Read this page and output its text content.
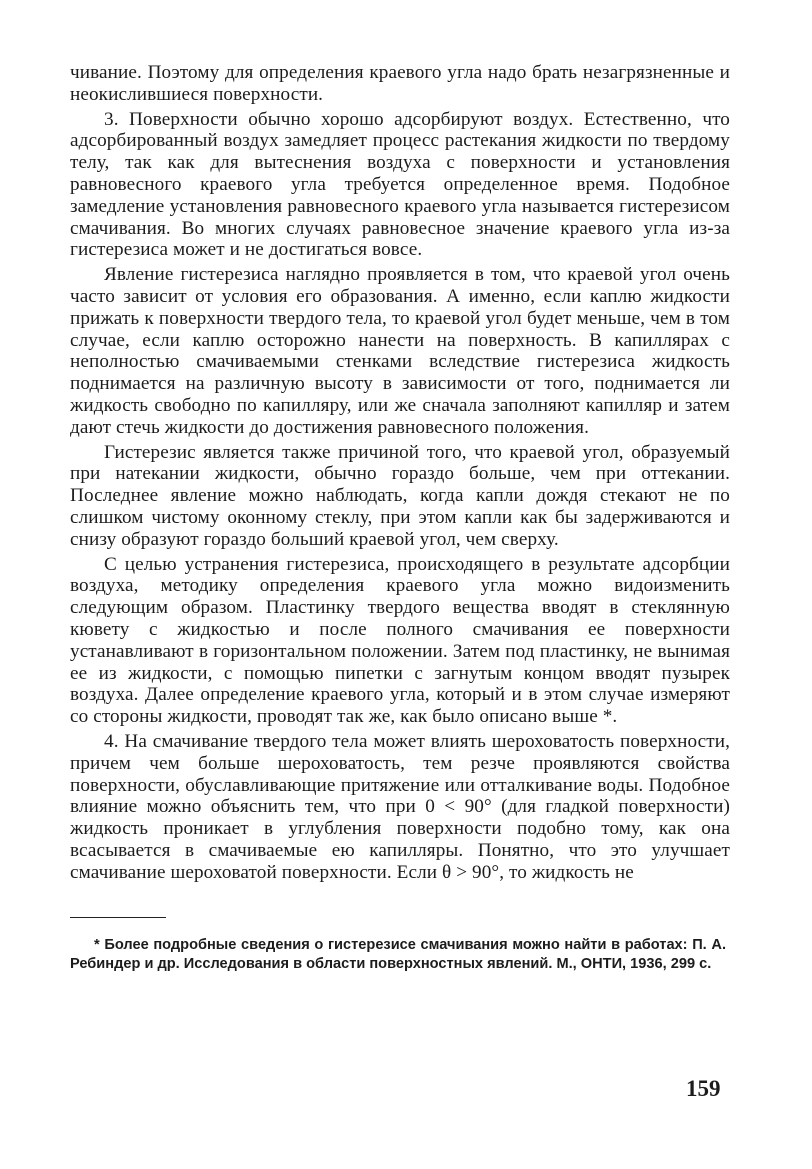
чивание. Поэтому для определения краевого угла надо брать незагрязненные и неокислившиеся поверхности.

3. Поверхности обычно хорошо адсорбируют воздух. Естественно, что адсорбированный воздух замедляет процесс растекания жидкости по твердому телу, так как для вытеснения воздуха с поверхности и установления равновесного краевого угла требуется определенное время. Подобное замедление установления равновесного краевого угла называется гистерезисом смачивания. Во многих случаях равновесное значение краевого угла из-за гистерезиса может и не достигаться вовсе.

Явление гистерезиса наглядно проявляется в том, что краевой угол очень часто зависит от условия его образования. А именно, если каплю жидкости прижать к поверхности твердого тела, то краевой угол будет меньше, чем в том случае, если каплю осторожно нанести на поверхность. В капиллярах с неполностью смачиваемыми стенками вследствие гистерезиса жидкость поднимается на различную высоту в зависимости от того, поднимается ли жидкость свободно по капилляру, или же сначала заполняют капилляр и затем дают стечь жидкости до достижения равновесного положения.

Гистерезис является также причиной того, что краевой угол, образуемый при натекании жидкости, обычно гораздо больше, чем при оттекании. Последнее явление можно наблюдать, когда капли дождя стекают не по слишком чистому оконному стеклу, при этом капли как бы задерживаются и снизу образуют гораздо больший краевой угол, чем сверху.

С целью устранения гистерезиса, происходящего в результате адсорбции воздуха, методику определения краевого угла можно видоизменить следующим образом. Пластинку твердого вещества вводят в стеклянную кювету с жидкостью и после полного смачивания ее поверхности устанавливают в горизонтальном положении. Затем под пластинку, не вынимая ее из жидкости, с помощью пипетки с загнутым концом вводят пузырек воздуха. Далее определение краевого угла, который и в этом случае измеряют со стороны жидкости, проводят так же, как было описано выше *.

4. На смачивание твердого тела может влиять шероховатость поверхности, причем чем больше шероховатость, тем резче проявляются свойства поверхности, обуславливающие притяжение или отталкивание воды. Подобное влияние можно объяснить тем, что при 0 < 90° (для гладкой поверхности) жидкость проникает в углубления поверхности подобно тому, как она всасывается в смачиваемые ею капилляры. Понятно, что это улучшает смачивание шероховатой поверхности. Если θ > 90°, то жидкость не

* Более подробные сведения о гистерезисе смачивания можно найти в работах: П. А. Ребиндер и др. Исследования в области поверхностных явлений. М., ОНТИ, 1936, 299 с.
159
